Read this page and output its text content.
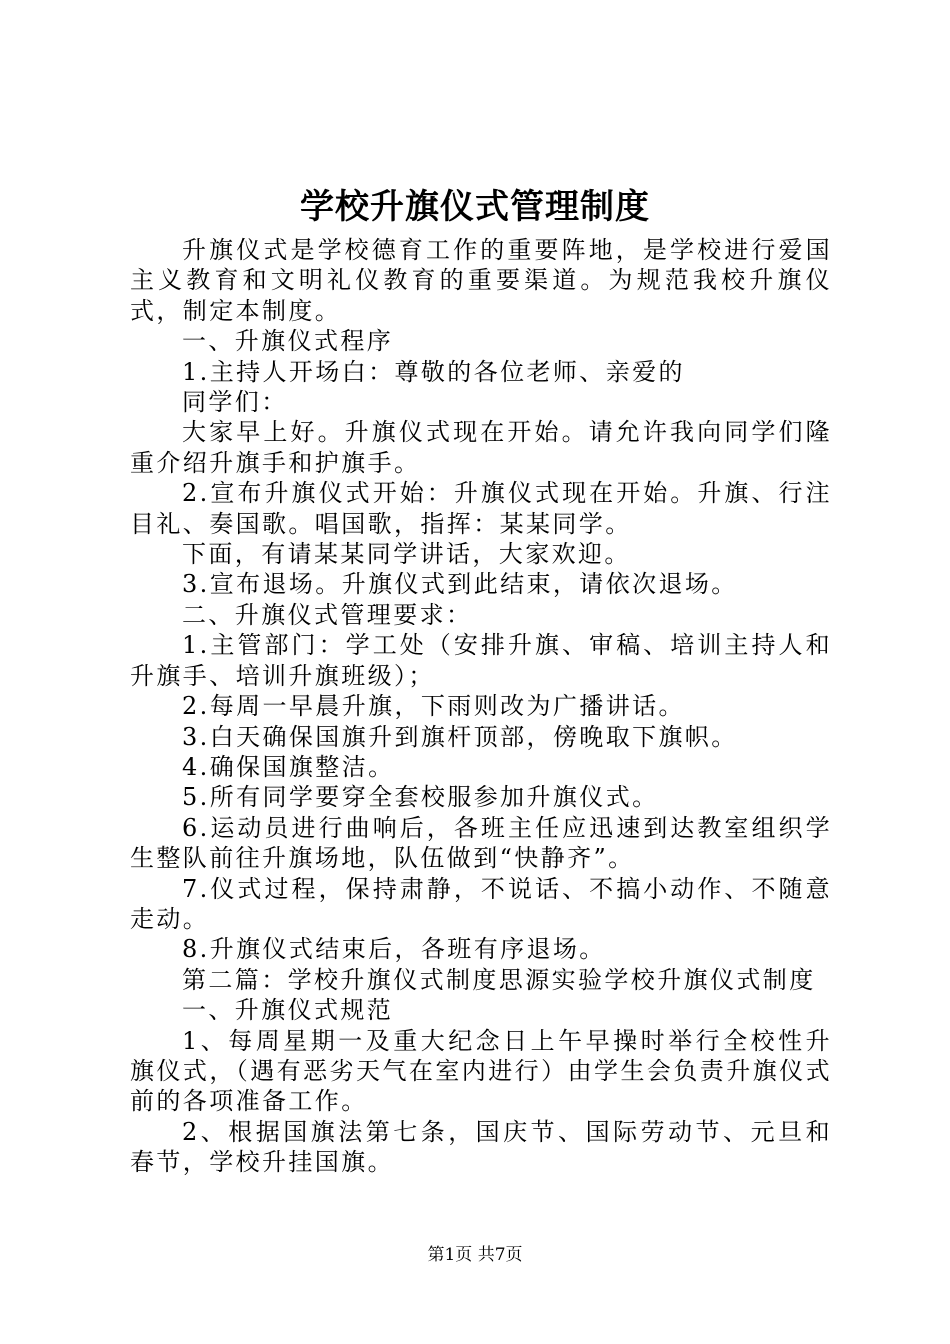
学校升旗仪式管理制度

升旗仪式是学校德育工作的重要阵地，是学校进行爱国主义教育和文明礼仪教育的重要渠道。为规范我校升旗仪式，制定本制度。

一、升旗仪式程序

1.主持人开场白：尊敬的各位老师、亲爱的

同学们：

大家早上好。升旗仪式现在开始。请允许我向同学们隆重介绍升旗手和护旗手。

2.宣布升旗仪式开始：升旗仪式现在开始。升旗、行注目礼、奏国歌。唱国歌，指挥：某某同学。

下面，有请某某同学讲话，大家欢迎。

3.宣布退场。升旗仪式到此结束，请依次退场。

二、升旗仪式管理要求：

1.主管部门：学工处（安排升旗、审稿、培训主持人和升旗手、培训升旗班级）；

2.每周一早晨升旗，下雨则改为广播讲话。

3.白天确保国旗升到旗杆顶部，傍晚取下旗帜。

4.确保国旗整洁。

5.所有同学要穿全套校服参加升旗仪式。

6.运动员进行曲响后，各班主任应迅速到达教室组织学生整队前往升旗场地，队伍做到“快静齐”。

7.仪式过程，保持肃静，不说话、不搞小动作、不随意走动。

8.升旗仪式结束后，各班有序退场。

第二篇：学校升旗仪式制度思源实验学校升旗仪式制度

一、升旗仪式规范

1、每周星期一及重大纪念日上午早操时举行全校性升旗仪式，（遇有恶劣天气在室内进行）由学生会负责升旗仪式前的各项准备工作。

2、根据国旗法第七条，国庆节、国际劳动节、元旦和春节，学校升挂国旗。

第1页 共7页
